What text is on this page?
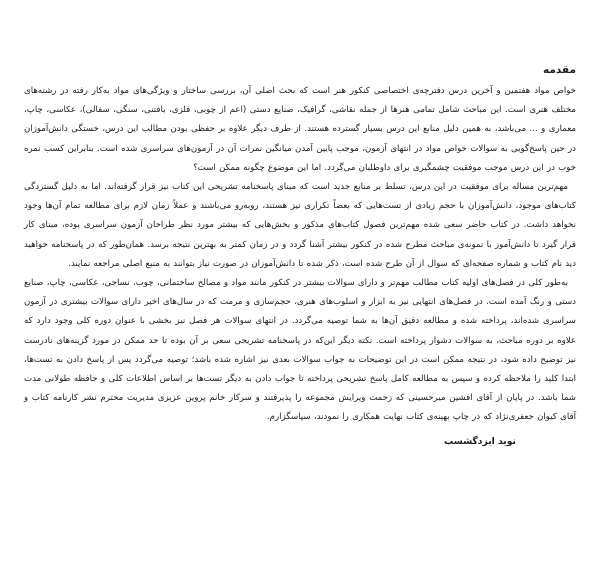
مقدمه

خواص مواد هفتمین و آخرین درس دفترچه‌ی اختصاصی کنکور هنر است که بحث اصلی آن، بررسی ساختار و ویژگی‌های مواد به‌کار رفته در رشته‌های مختلف هنری است. این مباحث شامل تمامی هنرها از جمله نقاشی، گرافیک، صنایع دستی (اعم از چوبی، فلزی، بافتنی، سنگی، سفالی)، عکاسی، چاپ، معماری و ... می‌باشد، به همین دلیل منابع این درس بسیار گسترده هستند. از طرف دیگر علاوه بر حفظی بودن مطالب این درس، خستگی دانش‌آموزان در حین پاسخ‌گویی به سوالات خواص مواد در انتهای آزمون، موجب پایین آمدن میانگین نمرات آن در آزمون‌های سراسری شده است. بنابراین کسب نمره خوب در این درس موجب موفقیت چشمگیری برای داوطلبان می‌گردد. اما این موضوع چگونه ممکن است؟

مهم‌ترین مساله برای موفقیت در این درس، تسلط بر منابع جدید است که مبنای پاسخنامه تشریحی این کتاب نیز قرار گرفته‌اند. اما به دلیل گستردگی کتاب‌های موجود، دانش‌آموزان با حجم زیادی از تست‌هایی که بعضاً تکراری نیز هستند، روبه‌رو می‌باشند و عملاً زمان لازم برای مطالعه تمام آن‌ها وجود نخواهد داشت. در کتاب حاضر سعی شده مهم‌ترین فصول کتاب‌های مذکور و بخش‌هایی که بیشتر مورد نظر طراحان آزمون سراسری بوده، مبنای کار قرار گیرد تا دانش‌آموز با نمونه‌ی مباحث مطرح شده در کنکور بیشتر آشنا گردد و در زمان کمتر به بهترین نتیجه برسد. همان‌طور که در پاسخنامه خواهید دید نام کتاب و شماره صفحه‌ای که سوال از آن طرح شده است، ذکر شده تا دانش‌آموزان در صورت نیاز بتوانند به منبع اصلی مراجعه نمایند.

به‌طور کلی در فصل‌های اولیه کتاب مطالب مهم‌تر و دارای سوالات بیشتر در کنکور مانند مواد و مصالح ساختمانی، چوب، نساجی، عکاسی، چاپ، صنایع دستی و رنگ آمده است. در فصل‌های انتهایی نیز به ابزار و اسلوب‌های هنری، حجم‌سازی و مرمت که در سال‌های اخیر دارای سوالات بیشتری در آزمون سراسری شده‌اند، پرداخته شده و مطالعه دقیق آن‌ها به شما توصیه می‌گردد. در انتهای سوالات هر فصل نیز بخشی با عنوان دوره کلی وجود دارد که علاوه بر دوره مباحث، به سوالات دشوار پرداخته است. نکته دیگر این‌که در پاسخنامه تشریحی سعی بر آن بوده تا حد ممکن در مورد گزینه‌های نادرست نیز توضیح داده شود، در نتیجه ممکن است در این توضیحات به جواب سوالات بعدی نیز اشاره شده باشد؛ توصیه می‌گردد پس از پاسخ دادن به تست‌ها، ابتدا کلید را ملاحظه کرده و سپس به مطالعه کامل پاسخ تشریحی پرداخته تا جواب دادن به دیگر تست‌ها بر اساس اطلاعات کلی و حافظه طولانی مدت شما باشد. در پایان از آقای افشین میرحسینی که زحمت ویرایش مجموعه را پذیرفتند و سرکار خانم پروین عزیزی مدیریت محترم نشر کارنامه کتاب و آقای کیوان جعفری‌نژاد که در چاپ بهینه‌ی کتاب نهایت همکاری را نمودند، سپاسگزارم.

نوید ایزدگشسب
